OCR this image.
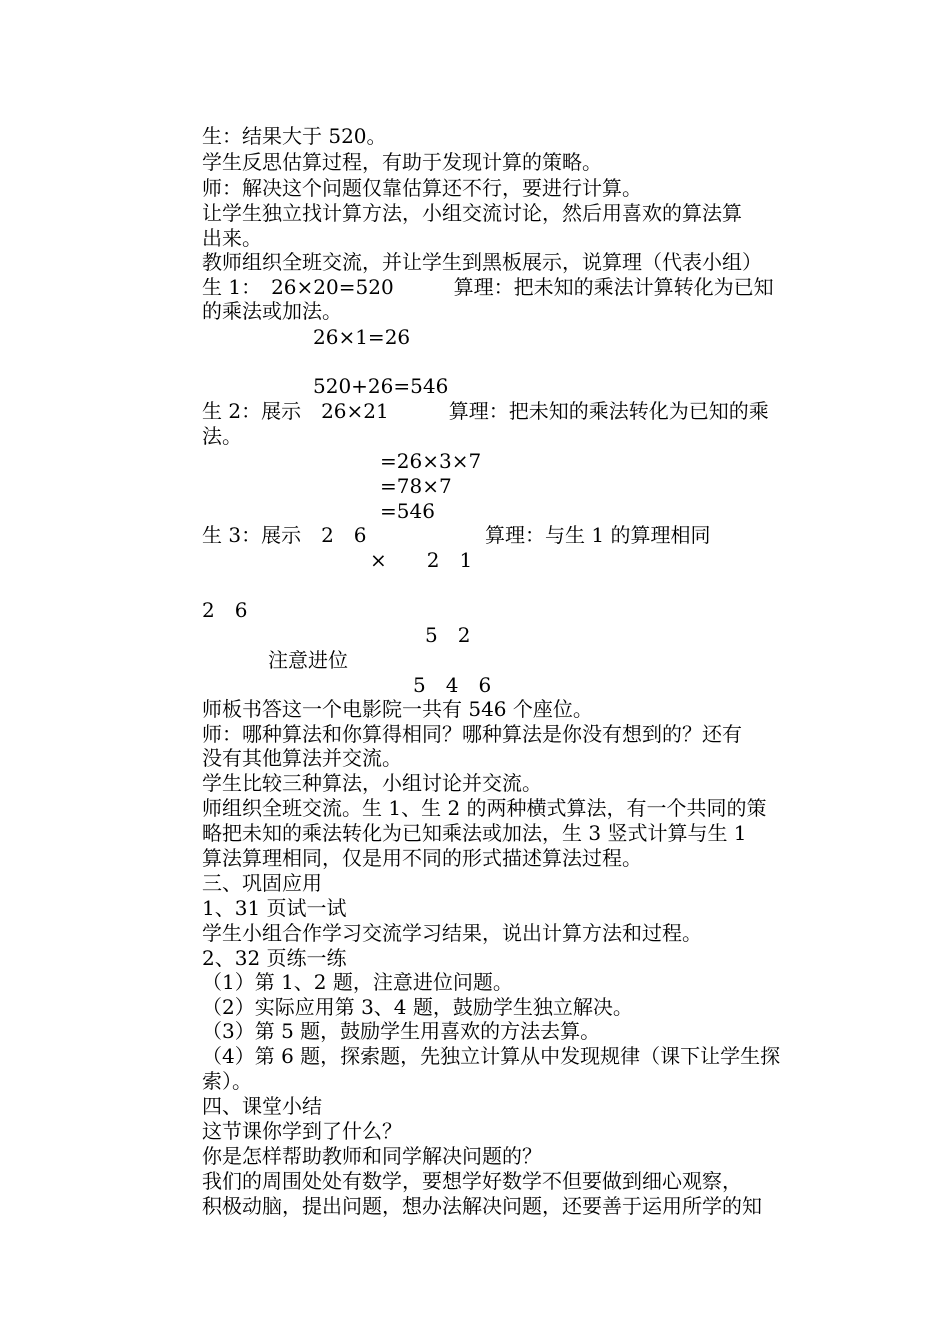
生：结果大于 520。
学生反思估算过程，有助于发现计算的策略。
师：解决这个问题仅靠估算还不行，要进行计算。
让学生独立找计算方法，小组交流讨论，然后用喜欢的算法算
出来。
教师组织全班交流，并让学生到黑板展示，说算理（代表小组）
生 1：　26×20=520　　　算理：把未知的乘法计算转化为已知
的乘法或加法。
26×1=26
520+26=546
生 2：展示　26×21　　　算理：把未知的乘法转化为已知的乘
法。
=26×3×7
=78×7
=546
生 3：展示　2　6	算理：与生 1 的算理相同
×　　2　1
2　6
5　2
注意进位
5　4　6
师板书答这一个电影院一共有 546 个座位。
师：哪种算法和你算得相同？哪种算法是你没有想到的？还有
没有其他算法并交流。
学生比较三种算法，小组讨论并交流。
师组织全班交流。生 1、生 2 的两种横式算法，有一个共同的策
略把未知的乘法转化为已知乘法或加法，生 3 竖式计算与生 1
算法算理相同，仅是用不同的形式描述算法过程。
三、巩固应用
1、31 页试一试
学生小组合作学习交流学习结果，说出计算方法和过程。
2、32 页练一练
（1）第 1、2 题，注意进位问题。
（2）实际应用第 3、4 题，鼓励学生独立解决。
（3）第 5 题，鼓励学生用喜欢的方法去算。
（4）第 6 题，探索题，先独立计算从中发现规律（课下让学生探
索）。
四、课堂小结
这节课你学到了什么？
你是怎样帮助教师和同学解决问题的？
我们的周围处处有数学，要想学好数学不但要做到细心观察，
积极动脑，提出问题，想办法解决问题，还要善于运用所学的知
